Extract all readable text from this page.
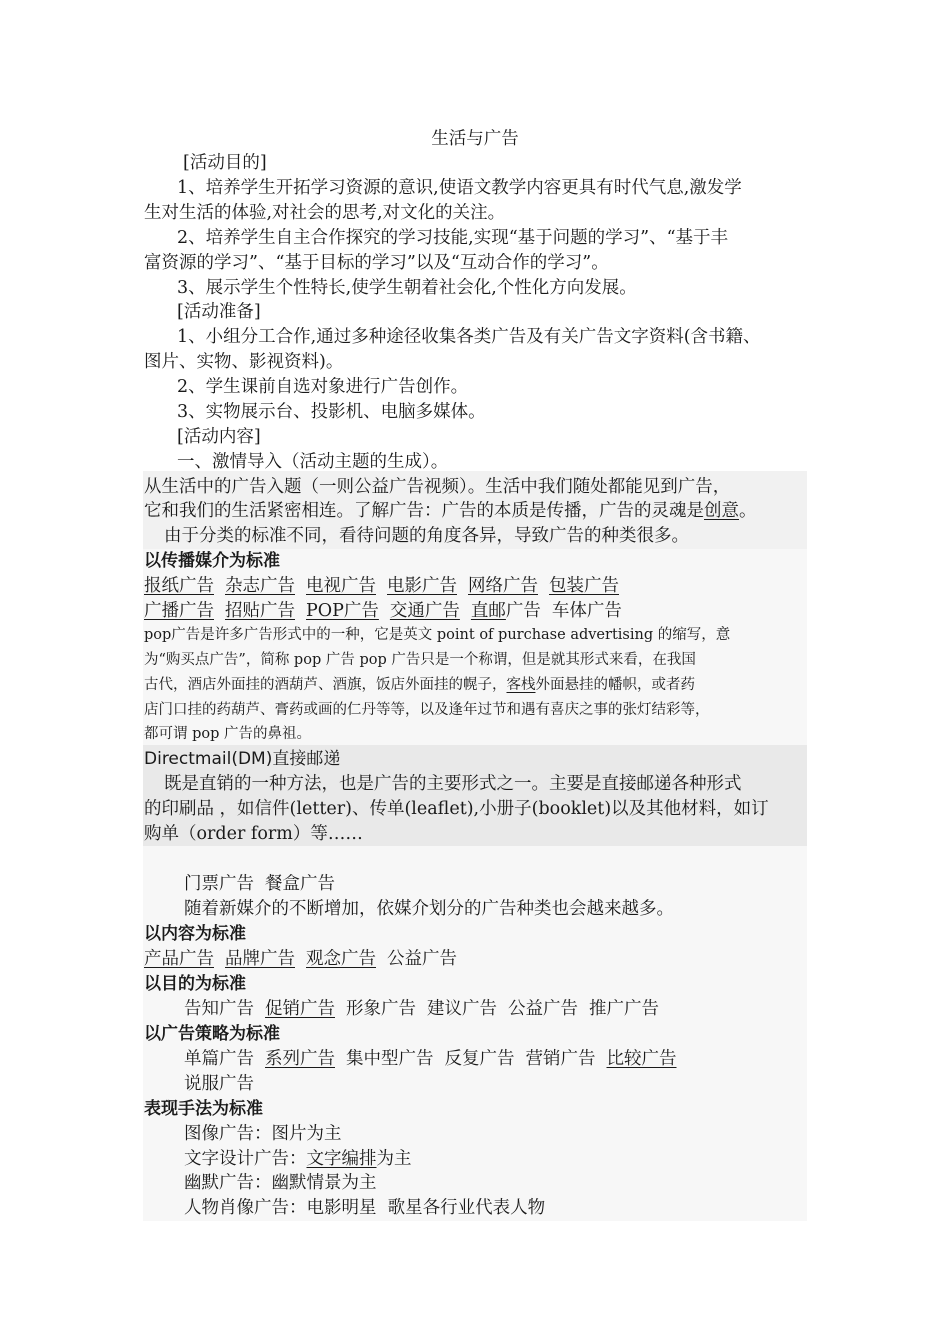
生活与广告
[活动目的]
1、培养学生开拓学习资源的意识,使语文教学内容更具有时代气息,激发学
生对生活的体验,对社会的思考,对文化的关注。
2、培养学生自主合作探究的学习技能,实现“基于问题的学习”、“基于丰
富资源的学习”、“基于目标的学习”以及“互动合作的学习”。
3、展示学生个性特长,使学生朝着社会化,个性化方向发展。
[活动准备]
1、小组分工合作,通过多种途径收集各类广告及有关广告文字资料(含书籍、
图片、实物、影视资料)。
2、学生课前自选对象进行广告创作。
3、实物展示台、投影机、电脑多媒体。
[活动内容]
一、激情导入（活动主题的生成）。
从生活中的广告入题（一则公益广告视频）。生活中我们随处都能见到广告，
它和我们的生活紧密相连。了解广告：广告的本质是传播，广告的灵魂是创意。
由于分类的标准不同，看待问题的角度各异，导致广告的种类很多。
以传播媒介为标准
报纸广告 杂志广告 电视广告 电影广告 网络广告 包装广告
广播广告 招贴广告 POP广告 交通广告 直邮广告 车体广告
pop广告是许多广告形式中的一种，它是英文 point of purchase advertising 的缩写，意
为“购买点广告”，简称 pop 广告 pop 广告只是一个称谓，但是就其形式来看，在我国
古代，酒店外面挂的酒葫芦、酒旗，饭店外面挂的幌子，客栈外面悬挂的幡帜，或者药
店门口挂的药葫芦、膏药或画的仁丹等等，以及逢年过节和遇有喜庆之事的张灯结彩等，
都可谓 pop 广告的鼻祖。
Directmail(DM)直接邮递
既是直销的一种方法，也是广告的主要形式之一。主要是直接邮递各种形式
的印刷品 ，如信件(letter)、传单(leaflet),小册子(booklet)以及其他材料，如订
购单（order form）等……
门票广告 餐盒广告
随着新媒介的不断增加，依媒介划分的广告种类也会越来越多。
以内容为标准
产品广告 品牌广告 观念广告 公益广告
以目的为标准
告知广告 促销广告 形象广告 建议广告 公益广告 推广广告
以广告策略为标准
单篇广告 系列广告 集中型广告 反复广告 营销广告 比较广告
说服广告
表现手法为标准
图像广告：图片为主
文字设计广告：文字编排为主
幽默广告：幽默情景为主
人物肖像广告：电影明星  歌星各行业代表人物
